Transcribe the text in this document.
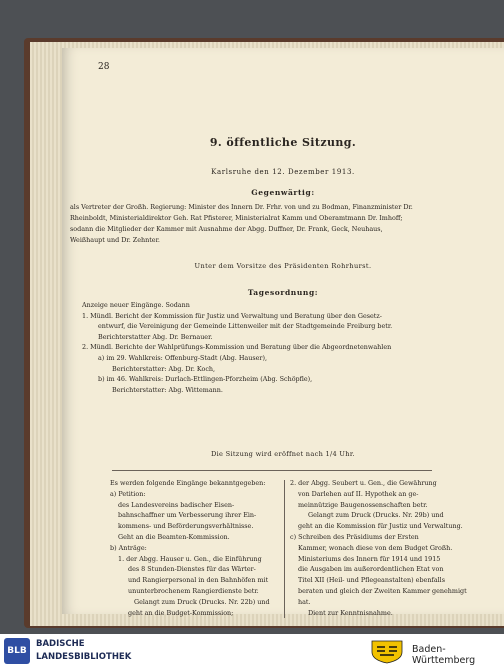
28
9. öffentliche Sitzung.
Karlsruhe den 12. Dezember 1913.
Gegenwärtig:
als Vertreter der Großh. Regierung: Minister des Innern Dr. Frhr. von und zu Bodman, Finanzminister Dr.
Rheinboldt, Ministerialdirektor Geh. Rat Pfisterer, Ministerialrat Kamm und Oberamtmann Dr. Imhoff;
sodann die Mitglieder der Kammer mit Ausnahme der Abgg. Duffner, Dr. Frank, Geck, Neuhaus,
Weißhaupt und Dr. Zehnter.
Unter dem Vorsitze des Präsidenten Rohrhurst.
Tagesordnung:
Anzeige neuer Eingänge. Sodann
1. Mündl. Bericht der Kommission für Justiz und Verwaltung und Beratung über den Gesetz-
entwurf, die Vereinigung der Gemeinde Littenweiler mit der Stadtgemeinde Freiburg betr.
Berichterstatter Abg. Dr. Bernauer.
2. Mündl. Berichte der Wahlprüfungs-Kommission und Beratung über die Abgeordnetenwahlen
a) im 29. Wahlkreis: Offenburg-Stadt (Abg. Hauser),
Berichterstatter: Abg. Dr. Koch,
b) im 46. Wahlkreis: Durlach-Ettlingen-Pforzheim (Abg. Schöpfle),
Berichterstatter: Abg. Wittemann.
Die Sitzung wird eröffnet nach 1/4 Uhr.
Es werden folgende Eingänge bekanntgegeben:
a) Petition:
des Landesvereins badischer Eisen-
bahnschaffner um Verbesserung ihrer Ein-
kommens- und Beförderungsverhältnisse.
Geht an die Beamten-Kommission.
b) Anträge:
1. der Abgg. Hauser u. Gen., die Einführung
des 8 Stunden-Dienstes für das Wärter-
und Rangierpersonal in den Bahnhöfen mit
ununterbrochenem Rangierdienste betr.
Gelangt zum Druck (Drucks. Nr. 22b) und
geht an die Budget-Kommission;
2. der Abgg. Seubert u. Gen., die Gewährung
von Darlehen auf II. Hypothek an ge-
meinnützige Baugenossenschaften betr.
Gelangt zum Druck (Drucks. Nr. 29b) und
geht an die Kommission für Justiz und Verwaltung.
c) Schreiben des Präsidiums der Ersten
Kammer, wonach diese von dem Budget Großh.
Ministeriums des Innern für 1914 und 1915
die Ausgaben im außerordentlichen Etat von
Titel XII (Heil- und Pflegeanstalten) ebenfalls
beraten und gleich der Zweiten Kammer genehmigt
hat.
Dient zur Kenntnisnahme.
BLB
BADISCHE
LANDESBIBLIOTHEK
Baden-Württemberg
